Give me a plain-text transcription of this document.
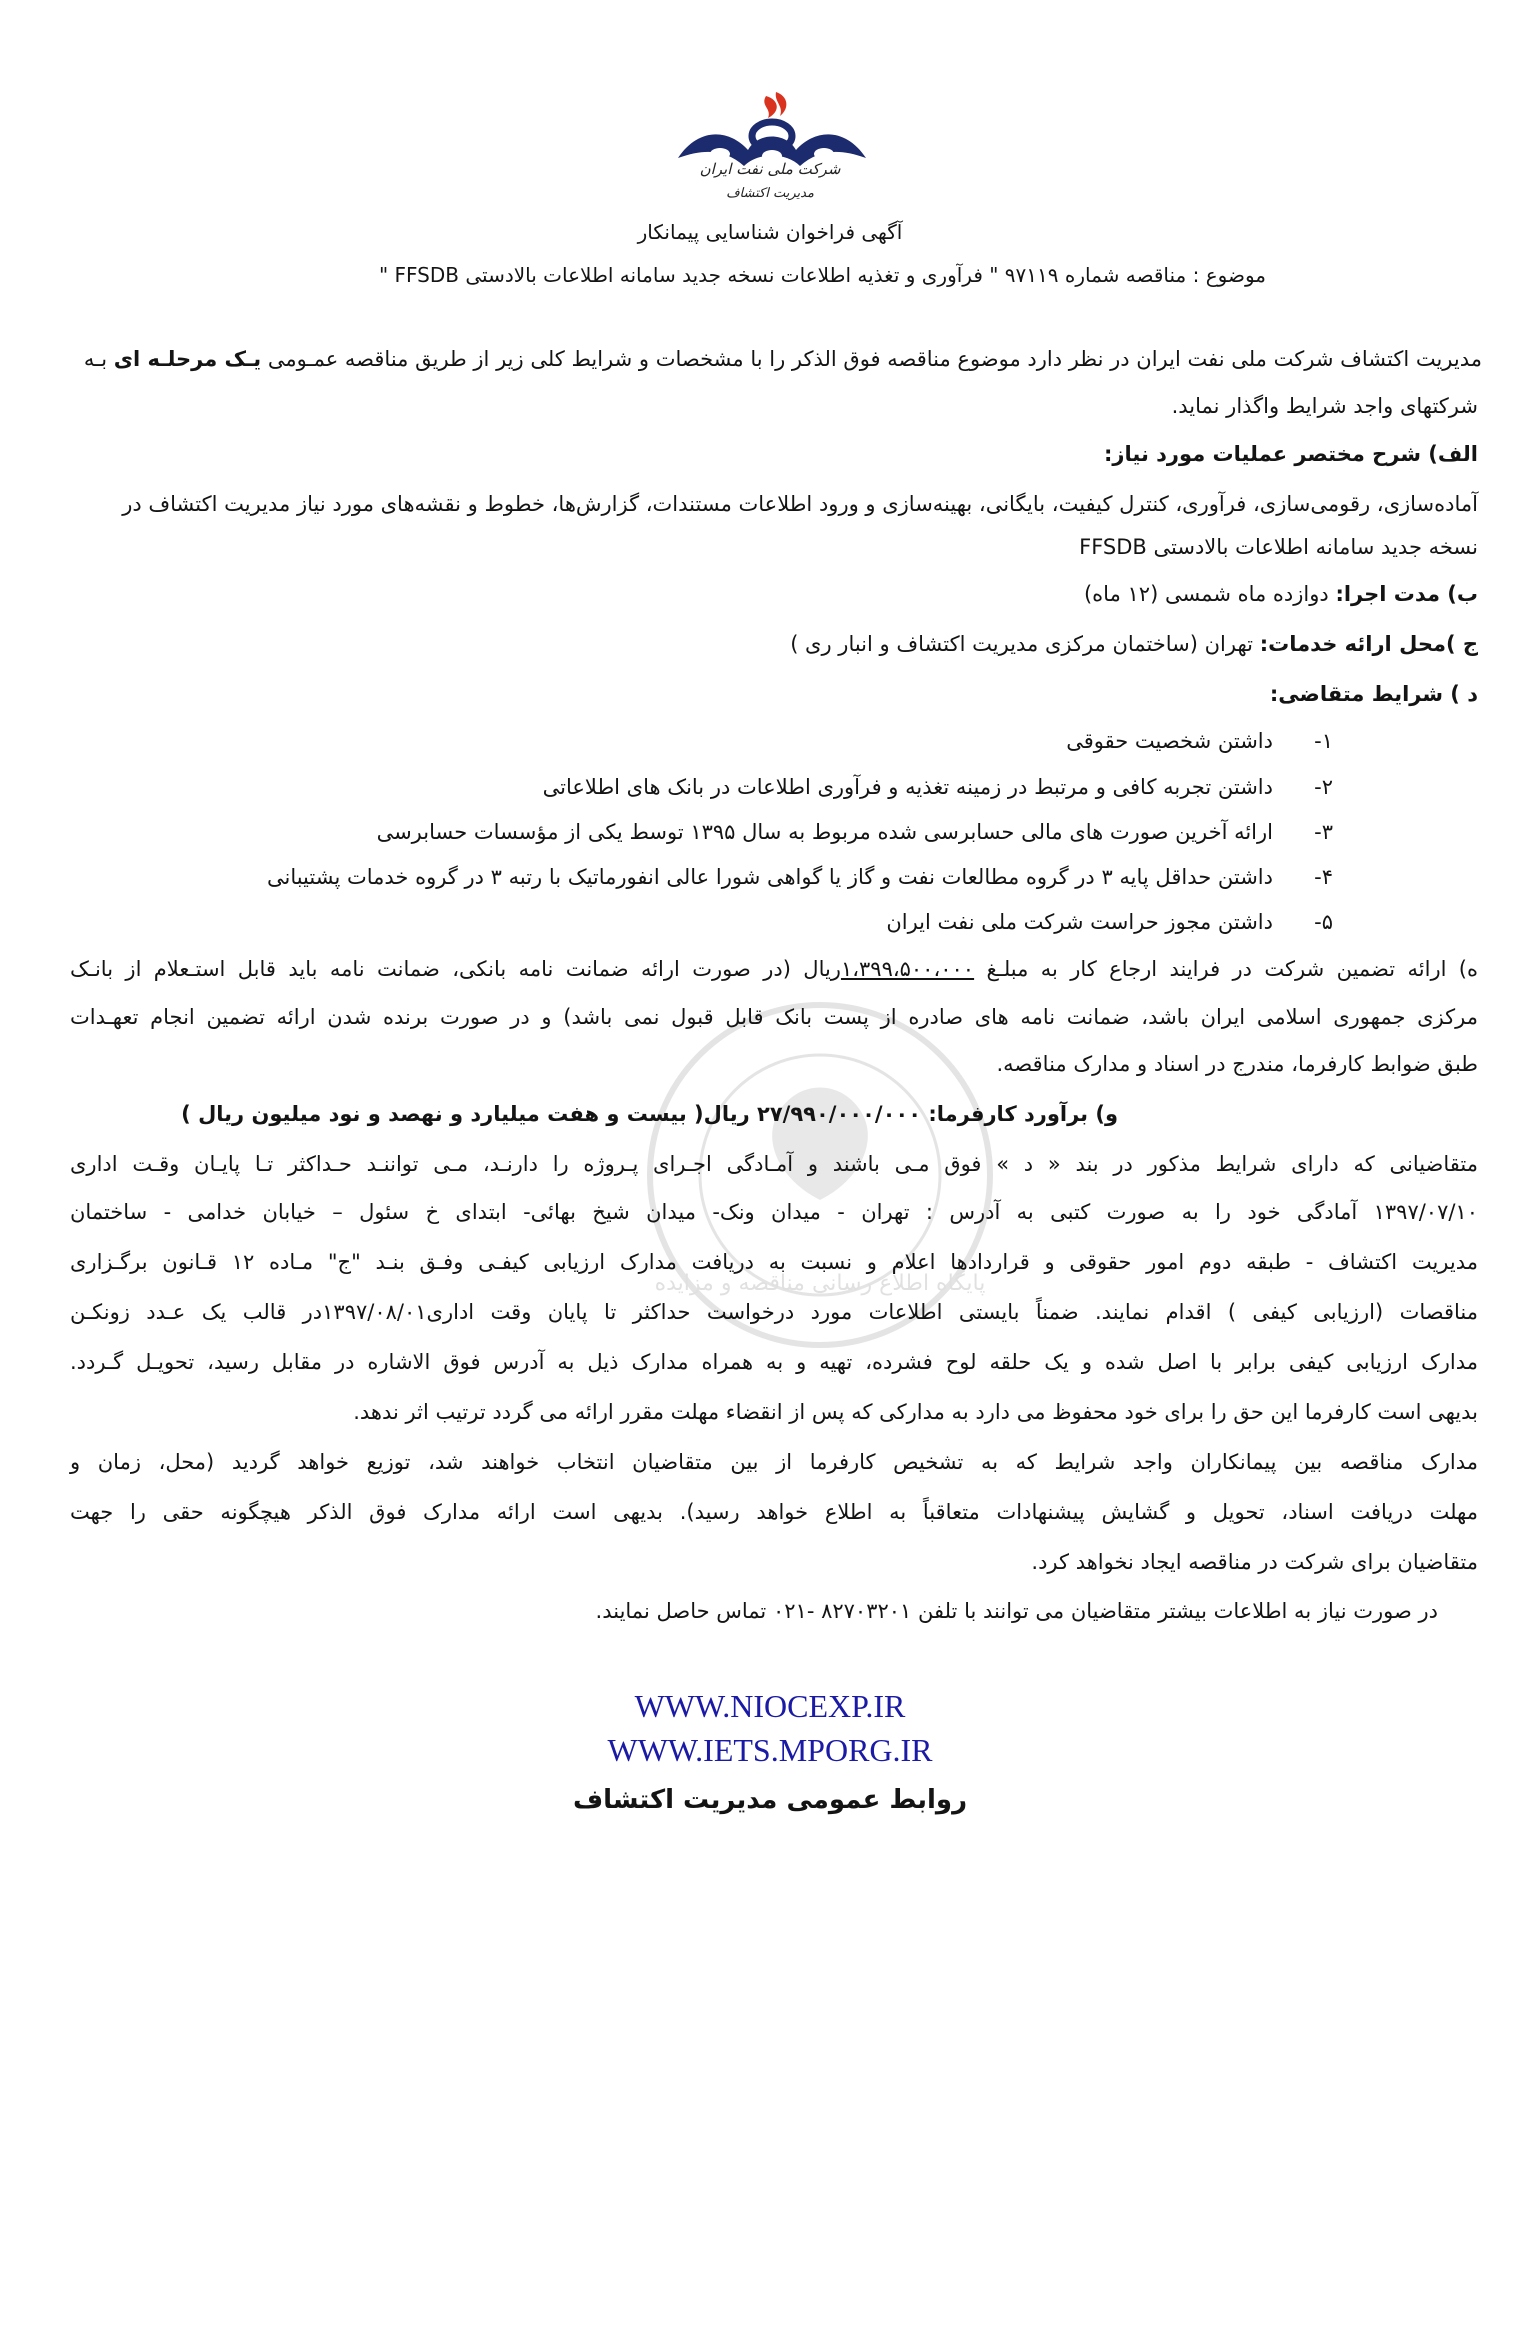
شرکت ملی نفت ایران
مدیریت اکتشاف
آگهی فراخوان شناسایی پیمانکار
موضوع : مناقصه شماره ۹۷۱۱۹ " فرآوری و تغذیه اطلاعات نسخه جدید سامانه اطلاعات بالادستی FFSDB "
پایگاه اطلاع رسانی مناقصه و مزایده
مدیریت اکتشاف شرکت ملی نفت ایران در نظر دارد موضوع مناقصه فوق الذکر را با مشخصات و شرایط کلی زیر از طریق مناقصه عمـومی یـک مرحلـه ای بـه
شرکتهای واجد شرایط واگذار نماید.
الف) شرح مختصر عملیات مورد نیاز:
آماده‌سازی، رقومی‌سازی، فرآوری، کنترل کیفیت، بایگانی، بهینه‌سازی و ورود اطلاعات مستندات، گزارش‌ها، خطوط و نقشه‌های مورد نیاز مدیریت اکتشاف در
نسخه جدید سامانه اطلاعات بالادستی FFSDB
ب) مدت اجرا: دوازده ماه شمسی (۱۲ ماه)
ج )محل ارائه خدمات: تهران (ساختمان مرکزی مدیریت اکتشاف و انبار ری )
د ) شرایط متقاضی:
۱-داشتن شخصیت حقوقی
۲-داشتن تجربه کافی و مرتبط در زمینه تغذیه و فرآوری اطلاعات در بانک های اطلاعاتی
۳-ارائه آخرین صورت های مالی حسابرسی شده مربوط به سال ۱۳۹۵ توسط یکی از مؤسسات حسابرسی
۴-داشتن حداقل پایه ۳ در گروه مطالعات نفت و گاز یا گواهی شورا عالی انفورماتیک با رتبه ۳ در گروه خدمات پشتیبانی
۵-داشتن مجوز حراست شرکت ملی نفت ایران
ه) ارائه تضمین شرکت در فرایند ارجاع کار به مبلـغ ۱،۳۹۹،۵۰۰،۰۰۰ریال (در صورت ارائه ضمانت نامه بانکی، ضمانت نامه باید قابل استـعلام از بانـک
مرکزی جمهوری اسلامی ایران باشد، ضمانت نامه های صادره از پست بانک قابل قبول نمی باشد) و در صورت برنده شدن ارائه تضمین انجام تعهـدات
طبق ضوابط کارفرما، مندرج در اسناد و مدارک مناقصه.
و) برآورد کارفرما: ۲۷/۹۹۰/۰۰۰/۰۰۰ ریال( بیست و هفت میلیارد و نهصد و نود میلیون ریال )
متقاضیانی که دارای شرایط مذکور در بند « د » فوق مـی باشند و آمـادگی اجـرای پـروژه را دارنـد، مـی تواننـد حـداکثر تـا پایـان وقـت اداری
۱۳۹۷/۰۷/۱۰ آمادگی خود را به صورت کتبی به آدرس : تهران - میدان ونک- میدان شیخ بهائی- ابتدای خ سئول – خیابان خدامی - ساختمان
مدیریت اکتشاف - طبقه دوم امور حقوقی و قراردادها اعلام و نسبت به دریافت مدارک ارزیابی کیفـی وفـق بنـد "ج" مـاده ۱۲ قـانون برگـزاری
مناقصات (ارزیابی کیفی ) اقدام نمایند. ضمناً بایستی اطلاعات مورد درخواست حداکثر تا پایان وقت اداری۱۳۹۷/۰۸/۰۱در قالب یک عـدد زونکـن
مدارک ارزیابی کیفی برابر با اصل شده و یک حلقه لوح فشرده، تهیه و به همراه مدارک ذیل به آدرس فوق الاشاره در مقابل رسید، تحویـل گـردد.
بدیهی است کارفرما این حق را برای خود محفوظ می دارد به مدارکی که پس از انقضاء مهلت مقرر ارائه می گردد ترتیب اثر ندهد.
مدارک مناقصه بین پیمانکاران واجد شرایط که به تشخیص کارفرما از بین متقاضیان انتخاب خواهند شد، توزیع خواهد گردید (محل، زمان و
مهلت دریافت اسناد، تحویل و گشایش پیشنهادات متعاقباً به اطلاع خواهد رسید). بدیهی است ارائه مدارک فوق الذکر هیچگونه حقی را جهت
متقاضیان برای شرکت در مناقصه ایجاد نخواهد کرد.
در صورت نیاز به اطلاعات بیشتر متقاضیان می توانند با تلفن ۸۲۷۰۳۲۰۱ -۰۲۱ تماس حاصل نمایند.
WWW.NIOCEXP.IR
WWW.IETS.MPORG.IR
روابط عمومی مدیریت اکتشاف
